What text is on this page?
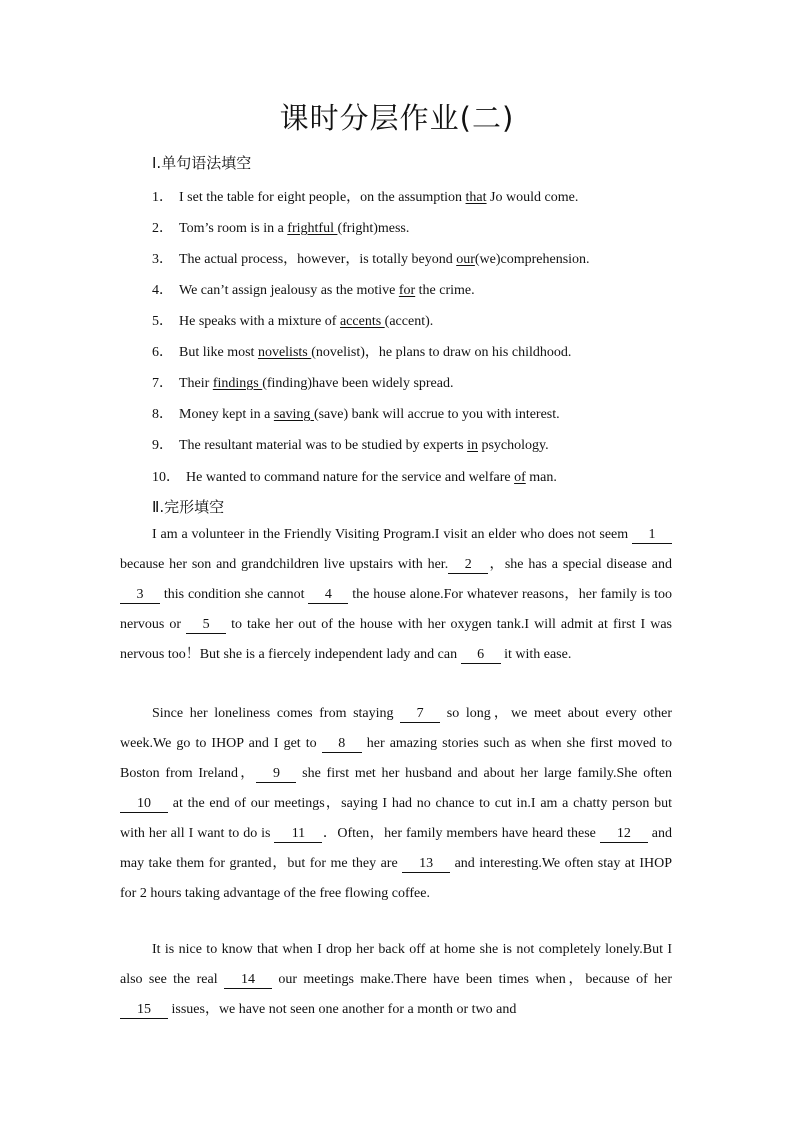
课时分层作业(二)
Ⅰ.单句语法填空
1． I set the table for eight people，on the assumption that Jo would come.
2． Tom’s room is in a frightful (fright)mess.
3． The actual process，however，is totally beyond our(we)comprehension.
4． We can’t assign jealousy as the motive for the crime.
5． He speaks with a mixture of accents (accent).
6． But like most novelists (novelist)，he plans to draw on his childhood.
7． Their findings (finding)have been widely spread.
8． Money kept in a saving (save) bank will accrue to you with interest.
9． The resultant material was to be studied by experts in psychology.
10． He wanted to command nature for the service and welfare of man.
Ⅱ.完形填空
I am a volunteer in the Friendly Visiting Program.I visit an elder who does not seem 1 because her son and grandchildren live upstairs with her. 2 ，she has a special disease and 3 this condition she cannot 4 the house alone.For whatever reasons，her family is too nervous or 5 to take her out of the house with her oxygen tank.I will admit at first I was nervous too！But she is a fiercely independent lady and can 6 it with ease.
Since her loneliness comes from staying 7 so long，we meet about every other week.We go to IHOP and I get to 8 her amazing stories such as when she first moved to Boston from Ireland， 9 she first met her husband and about her large family.She often 10 at the end of our meetings，saying I had no chance to cut in.I am a chatty person but with her all I want to do is 11 ．Often，her family members have heard these 12 and may take them for granted，but for me they are 13 and interesting.We often stay at IHOP for 2 hours taking advantage of the free flowing coffee.
It is nice to know that when I drop her back off at home she is not completely lonely.But I also see the real 14 our meetings make.There have been times when，because of her 15 issues，we have not seen one another for a month or two and
